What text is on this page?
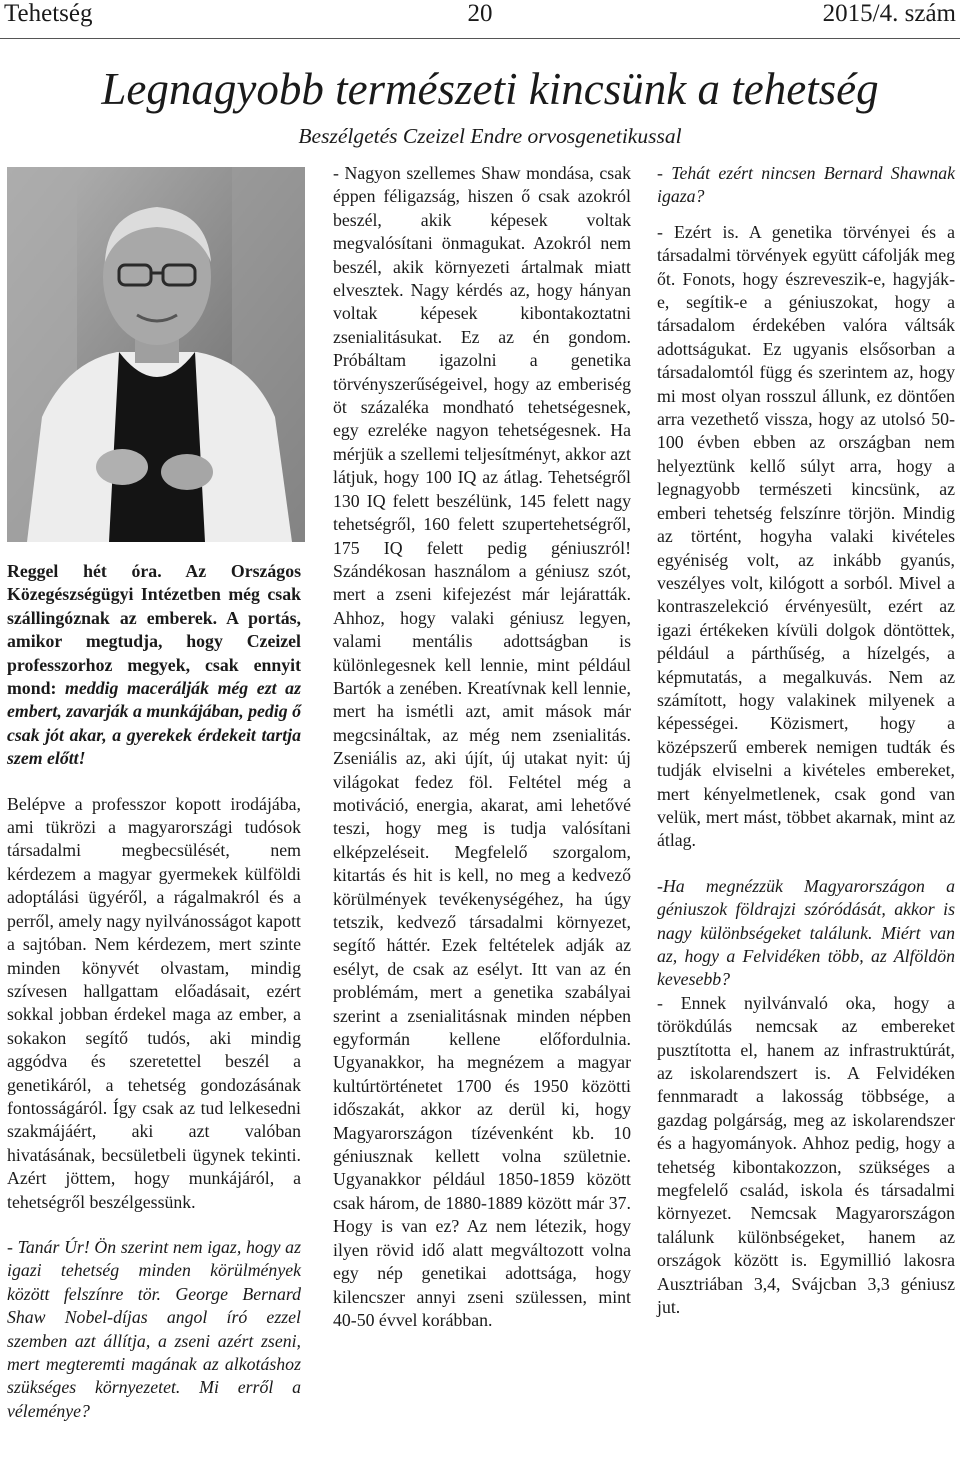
Tehetség	20	2015/4. szám
Legnagyobb természeti kincsünk a tehetség
Beszélgetés Czeizel Endre orvosgenetikussal

Reggel hét óra. Az Országos Közegészségügyi Intézetben még csak szállingóznak az emberek. A portás, amikor megtudja, hogy Czeizel professzorhoz megyek, csak ennyit mond: meddig macerálják még ezt az embert, zavarják a munkájában, pedig ő csak jót akar, a gyerekek érdekeit tartja szem előtt!

Belépve a professzor kopott irodájába, ami tükrözi a magyarországi tudósok társadalmi megbecsülését, nem kérdezem a magyar gyermekek külföldi adoptálási ügyéről, a rágalmakról és a perről, amely nagy nyilvánosságot kapott a sajtóban. Nem kérdezem, mert szinte minden könyvét olvastam, mindig szívesen hallgattam előadásait, ezért sokkal jobban érdekel maga az ember, a sokakon segítő tudós, aki mindig aggódva és szeretettel beszél a genetikáról, a tehetség gondozásának fontosságáról. Így csak az tud lelkesedni szakmájáért, aki azt valóban hivatásának, becsületbeli ügynek tekinti. Azért jöttem, hogy munkájáról, a tehetségről beszélgessünk.

- Tanár Úr! Ön szerint nem igaz, hogy az igazi tehetség minden körülmények között felszínre tör. George Bernard Shaw Nobel-díjas angol író ezzel szemben azt állítja, a zseni azért zseni, mert megteremti magának az alkotáshoz szükséges környezetet. Mi erről a véleménye?

- Nagyon szellemes Shaw mondása, csak éppen féligazság, hiszen ő csak azokról beszél, akik képesek voltak megvalósítani önmagukat. Azokról nem beszél, akik környezeti ártalmak miatt elvesztek. Nagy kérdés az, hogy hányan voltak képesek kibontakoztatni zsenialitásukat. Ez az én gondom. Próbáltam igazolni a genetika törvényszerűségeivel, hogy az emberiség öt százaléka mondható tehetségesnek, egy ezreléke nagyon tehetségesnek. Ha mérjük a szellemi teljesítményt, akkor azt látjuk, hogy 100 IQ az átlag. Tehetségről 130 IQ felett beszélünk, 145 felett nagy tehetségről, 160 felett szupertehetségről, 175 IQ felett pedig géniuszról! Szándékosan használom a géniusz szót, mert a zseni kifejezést már lejáratták. Ahhoz, hogy valaki géniusz legyen, valami mentális adottságban is különlegesnek kell lennie, mint például Bartók a zenében. Kreatívnak kell lennie, mert ha ismétli azt, amit mások már megcsináltak, az még nem zsenialitás. Zseniális az, aki újít, új utakat nyit: új világokat fedez föl. Feltétel még a motiváció, energia, akarat, ami lehetővé teszi, hogy meg is tudja valósítani elképzeléseit. Megfelelő szorgalom, kitartás és hit is kell, no meg a kedvező körülmények tevékenységéhez, ha úgy tetszik, kedvező társadalmi környezet, segítő háttér. Ezek feltételek adják az esélyt, de csak az esélyt. Itt van az én problémám, mert a genetika szabályai szerint a zsenialitásnak minden népben egyformán kellene előfordulnia. Ugyanakkor, ha megnézem a magyar kultúrtörténetet 1700 és 1950 közötti időszakát, akkor az derül ki, hogy Magyarországon tízévenként kb. 10 géniusznak kellett volna születnie. Ugyanakkor például 1850-1859 között csak három, de 1880-1889 között már 37. Hogy is van ez? Az nem létezik, hogy ilyen rövid idő alatt megváltozott volna egy nép genetikai adottsága, hogy kilencszer annyi zseni szülessen, mint 40-50 évvel korábban.

- Tehát ezért nincsen Bernard Shawnak igaza?

- Ezért is. A genetika törvényei és a társadalmi törvények együtt cáfolják meg őt. Fonots, hogy észreveszik-e, hagyják-e, segítik-e a géniuszokat, hogy a társadalom érdekében valóra váltsák adottságukat. Ez ugyanis elsősorban a társadalomtól függ és szerintem az, hogy mi most olyan rosszul állunk, ez döntően arra vezethető vissza, hogy az utolsó 50-100 évben ebben az országban nem helyeztünk kellő súlyt arra, hogy a legnagyobb természeti kincsünk, az emberi tehetség felszínre törjön. Mindig az történt, hogyha valaki kivételes egyéniség volt, az inkább gyanús, veszélyes volt, kilógott a sorból. Mivel a kontraszelekció érvényesült, ezért az igazi értékeken kívüli dolgok döntöttek, például a párthűség, a hízelgés, a képmutatás, a megalkuvás. Nem az számított, hogy valakinek milyenek a képességei. Közismert, hogy a középszerű emberek nemigen tudták és tudják elviselni a kivételes embereket, mert kényelmetlenek, csak gond van velük, mert mást, többet akarnak, mint az átlag.

-Ha megnézzük Magyarországon a géniuszok földrajzi szóródását, akkor is nagy különbségeket találunk. Miért van az, hogy a Felvidéken több, az Alföldön kevesebb?

- Ennek nyilvánvaló oka, hogy a törökdúlás nemcsak az embereket pusztította el, hanem az infrastruktúrát, az iskolarendszert is. A Felvidéken fennmaradt a lakosság többsége, a gazdag polgárság, meg az iskolarendszer és a hagyományok. Ahhoz pedig, hogy a tehetség kibontakozzon, szükséges a megfelelő család, iskola és társadalmi környezet. Nemcsak Magyarországon találunk különbségeket, hanem az országok között is. Egymillió lakosra Ausztriában 3,4, Svájcban 3,3 géniusz jut.
